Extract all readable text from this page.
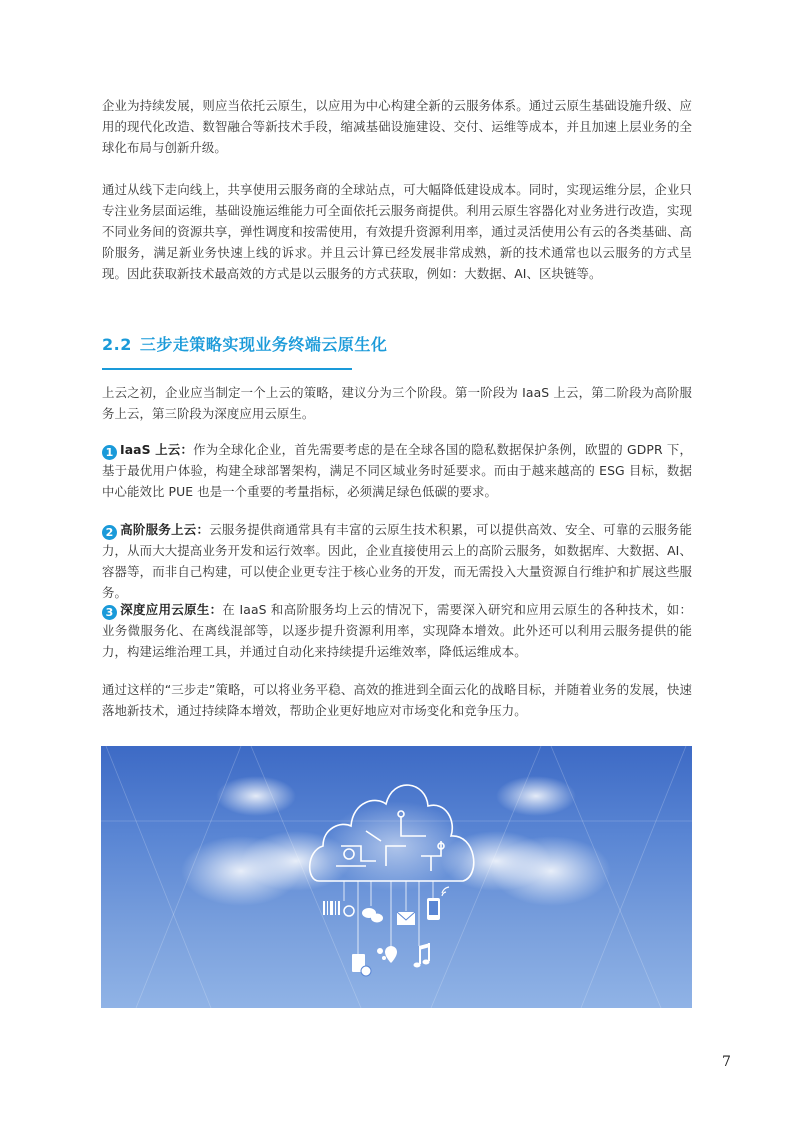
企业为持续发展，则应当依托云原生，以应用为中心构建全新的云服务体系。通过云原生基础设施升级、应用的现代化改造、数智融合等新技术手段，缩减基础设施建设、交付、运维等成本，并且加速上层业务的全球化布局与创新升级。

通过从线下走向线上，共享使用云服务商的全球站点，可大幅降低建设成本。同时，实现运维分层，企业只专注业务层面运维，基础设施运维能力可全面依托云服务商提供。利用云原生容器化对业务进行改造，实现不同业务间的资源共享，弹性调度和按需使用，有效提升资源利用率，通过灵活使用公有云的各类基础、高阶服务，满足新业务快速上线的诉求。并且云计算已经发展非常成熟，新的技术通常也以云服务的方式呈现。因此获取新技术最高效的方式是以云服务的方式获取，例如：大数据、AI、区块链等。

2.2 三步走策略实现业务终端云原生化

上云之初，企业应当制定一个上云的策略，建议分为三个阶段。第一阶段为 IaaS 上云，第二阶段为高阶服务上云，第三阶段为深度应用云原生。

1 IaaS 上云：作为全球化企业，首先需要考虑的是在全球各国的隐私数据保护条例，欧盟的 GDPR 下，基于最优用户体验，构建全球部署架构，满足不同区域业务时延要求。而由于越来越高的 ESG 目标，数据中心能效比 PUE 也是一个重要的考量指标，必须满足绿色低碳的要求。

2 高阶服务上云：云服务提供商通常具有丰富的云原生技术积累，可以提供高效、安全、可靠的云服务能力，从而大大提高业务开发和运行效率。因此，企业直接使用云上的高阶云服务，如数据库、大数据、AI、容器等，而非自己构建，可以使企业更专注于核心业务的开发，而无需投入大量资源自行维护和扩展这些服务。

3 深度应用云原生：在 IaaS 和高阶服务均上云的情况下，需要深入研究和应用云原生的各种技术，如：业务微服务化、在离线混部等，以逐步提升资源利用率，实现降本增效。此外还可以利用云服务提供的能力，构建运维治理工具，并通过自动化来持续提升运维效率，降低运维成本。

通过这样的“三步走”策略，可以将业务平稳、高效的推进到全面云化的战略目标，并随着业务的发展，快速落地新技术，通过持续降本增效，帮助企业更好地应对市场变化和竞争压力。

7
